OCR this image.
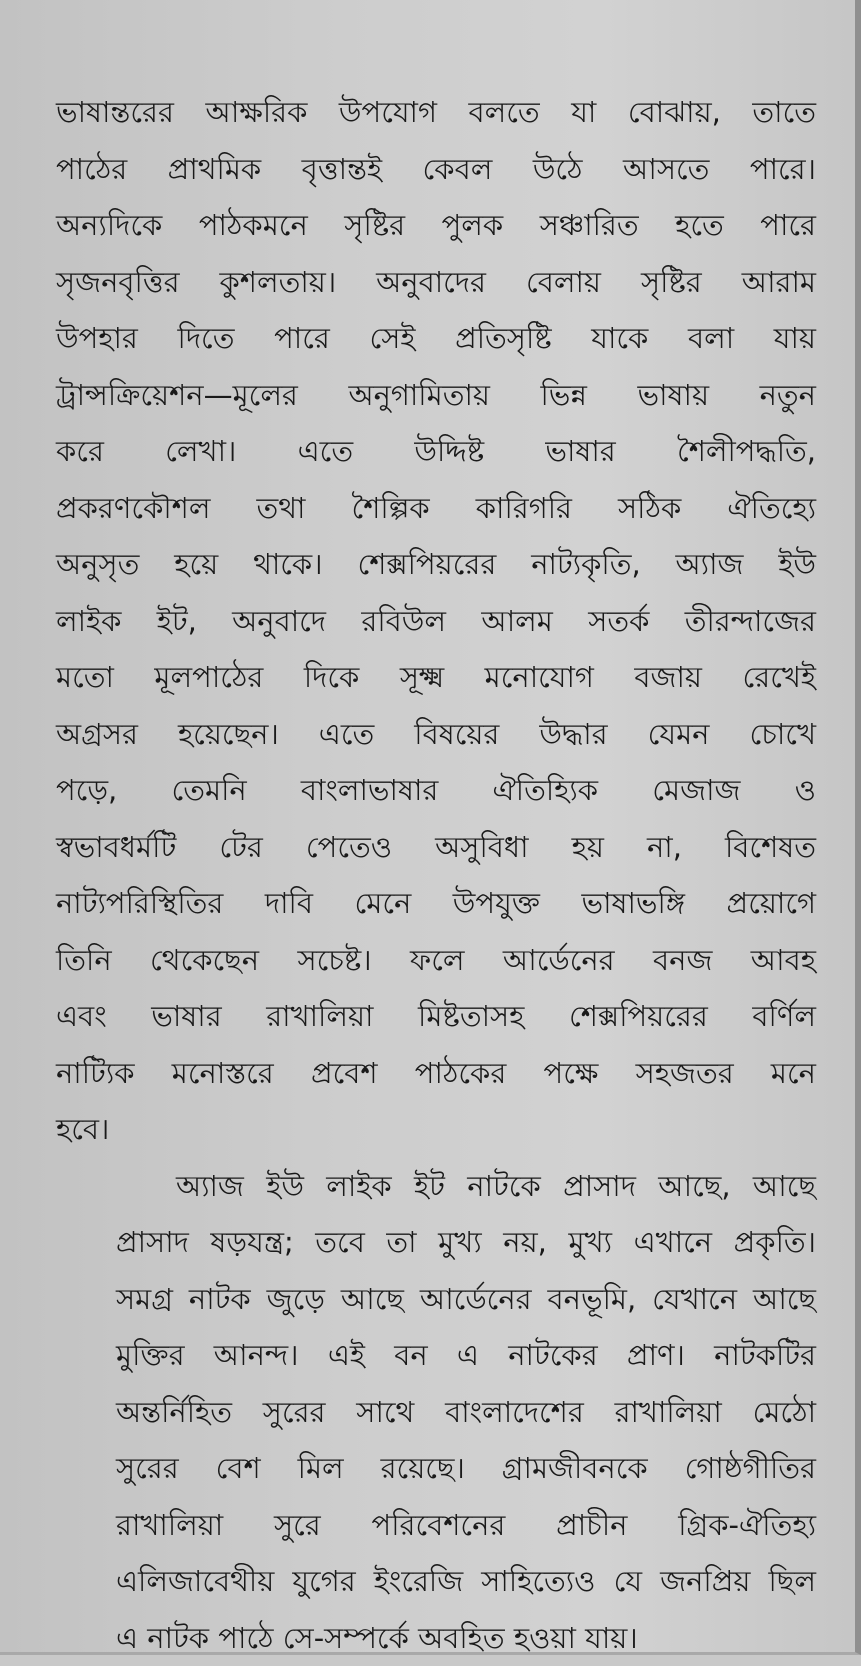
ভাষান্তরের আক্ষরিক উপযোগ বলতে যা বোঝায়, তাতে
পাঠের প্রাথমিক বৃত্তান্তই কেবল উঠে আসতে পারে।
অন্যদিকে পাঠকমনে সৃষ্টির পুলক সঞ্চারিত হতে পারে
সৃজনবৃত্তির কুশলতায়। অনুবাদের বেলায় সৃষ্টির আরাম
উপহার দিতে পারে সেই প্রতিসৃষ্টি যাকে বলা যায়
ট্রান্সক্রিয়েশন—মূলের অনুগামিতায় ভিন্ন ভাষায় নতুন
করে লেখা। এতে উদ্দিষ্ট ভাষার শৈলীপদ্ধতি,
প্রকরণকৌশল তথা শৈল্পিক কারিগরি সঠিক ঐতিহ্যে
অনুসৃত হয়ে থাকে। শেক্সপিয়রের নাট্যকৃতি, অ্যাজ ইউ
লাইক ইট, অনুবাদে রবিউল আলম সতর্ক তীরন্দাজের
মতো মূলপাঠের দিকে সূক্ষ্ম মনোযোগ বজায় রেখেই
অগ্রসর হয়েছেন। এতে বিষয়ের উদ্ধার যেমন চোখে
পড়ে, তেমনি বাংলাভাষার ঐতিহ্যিক মেজাজ ও
স্বভাবধর্মটি টের পেতেও অসুবিধা হয় না, বিশেষত
নাট্যপরিস্থিতির দাবি মেনে উপযুক্ত ভাষাভঙ্গি প্রয়োগে
তিনি থেকেছেন সচেষ্ট। ফলে আর্ডেনের বনজ আবহ
এবং ভাষার রাখালিয়া মিষ্টতাসহ শেক্সপিয়রের বর্ণিল
নাট্যিক মনোস্তরে প্রবেশ পাঠকের পক্ষে সহজতর মনে
হবে।
অ্যাজ ইউ লাইক ইট নাটকে প্রাসাদ আছে, আছে
প্রাসাদ ষড়যন্ত্র; তবে তা মুখ্য নয়, মুখ্য এখানে প্রকৃতি।
সমগ্র নাটক জুড়ে আছে আর্ডেনের বনভূমি, যেখানে আছে
মুক্তির আনন্দ। এই বন এ নাটকের প্রাণ। নাটকটির
অন্তর্নিহিত সুরের সাথে বাংলাদেশের রাখালিয়া মেঠো
সুরের বেশ মিল রয়েছে। গ্রামজীবনকে গোষ্ঠগীতির
রাখালিয়া সুরে পরিবেশনের প্রাচীন গ্রিক-ঐতিহ্য
এলিজাবেথীয় যুগের ইংরেজি সাহিত্যেও যে জনপ্রিয় ছিল
এ নাটক পাঠে সে-সম্পর্কে অবহিত হওয়া যায়।
